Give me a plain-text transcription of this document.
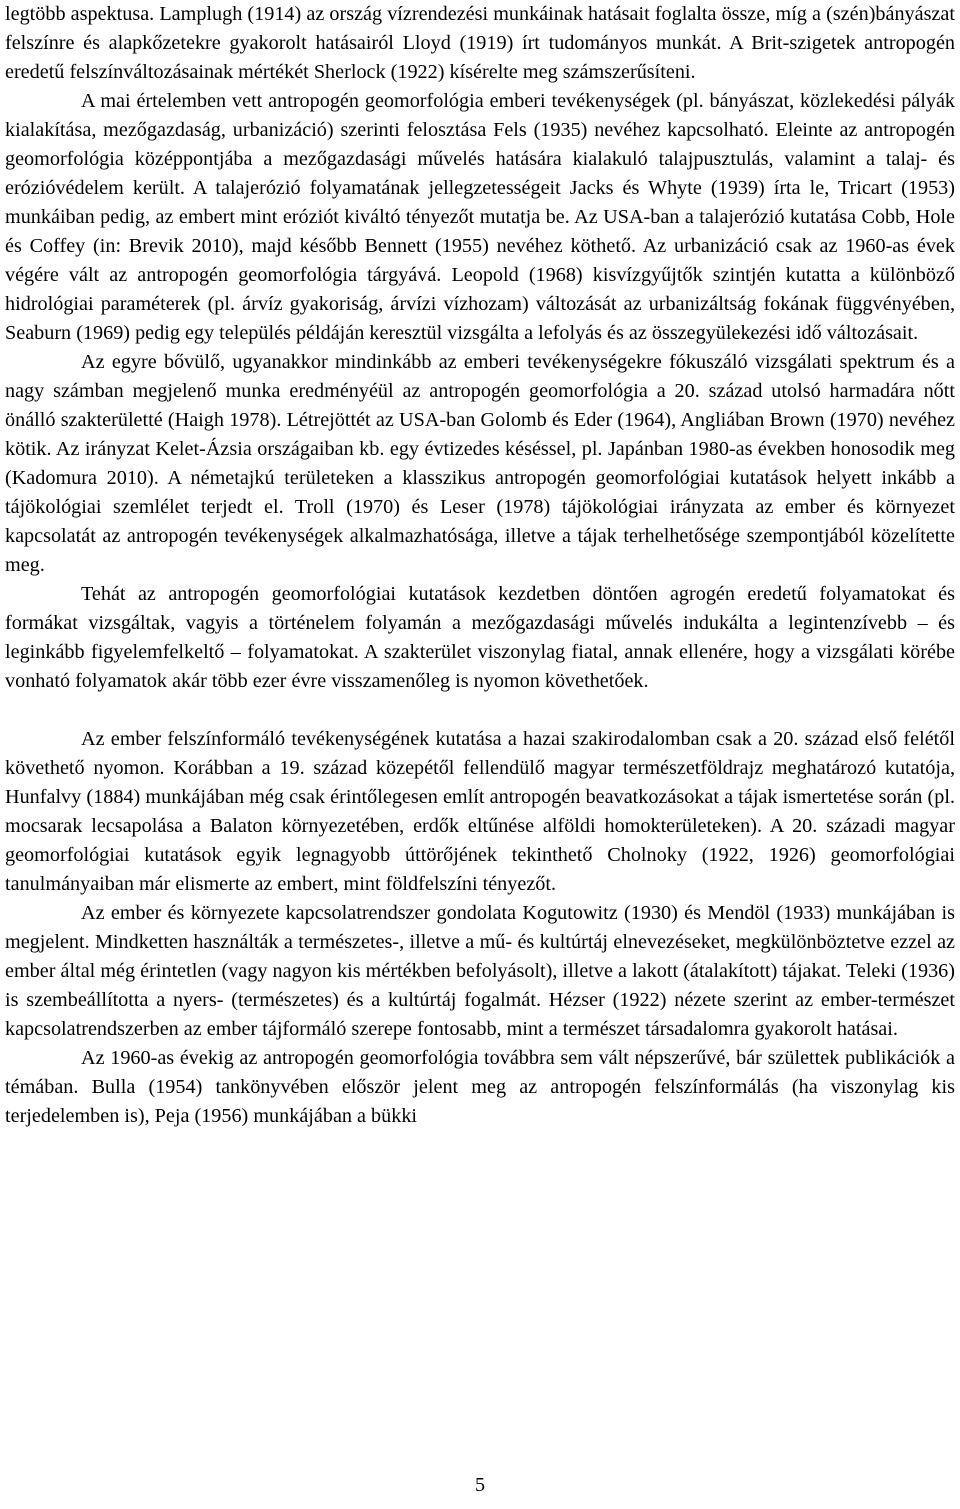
legtöbb aspektusa. Lamplugh (1914) az ország vízrendezési munkáinak hatásait foglalta össze, míg a (szén)bányászat felszínre és alapkőzetekre gyakorolt hatásairól Lloyd (1919) írt tudományos munkát. A Brit-szigetek antropogén eredetű felszínváltozásainak mértékét Sherlock (1922) kísérelte meg számszerűsíteni.

A mai értelemben vett antropogén geomorfológia emberi tevékenységek (pl. bányászat, közlekedési pályák kialakítása, mezőgazdaság, urbanizáció) szerinti felosztása Fels (1935) nevéhez kapcsolható. Eleinte az antropogén geomorfológia középpontjába a mezőgazdasági művelés hatására kialakuló talajpusztulás, valamint a talaj- és erózióvédelem került. A talajerózió folyamatának jellegzetességeit Jacks és Whyte (1939) írta le, Tricart (1953) munkáiban pedig, az embert mint eróziót kiváltó tényezőt mutatja be. Az USA-ban a talajerózió kutatása Cobb, Hole és Coffey (in: Brevik 2010), majd később Bennett (1955) nevéhez köthető. Az urbanizáció csak az 1960-as évek végére vált az antropogén geomorfológia tárgyává. Leopold (1968) kisvízgyűjtők szintjén kutatta a különböző hidrológiai paraméterek (pl. árvíz gyakoriság, árvízi vízhozam) változását az urbanizáltság fokának függvényében, Seaburn (1969) pedig egy település példáján keresztül vizsgálta a lefolyás és az összegyülekezési idő változásait.

Az egyre bővülő, ugyanakkor mindinkább az emberi tevékenységekre fókuszáló vizsgálati spektrum és a nagy számban megjelenő munka eredményéül az antropogén geomorfológia a 20. század utolsó harmadára nőtt önálló szakterületté (Haigh 1978). Létrejöttét az USA-ban Golomb és Eder (1964), Angliában Brown (1970) nevéhez kötik. Az irányzat Kelet-Ázsia országaiban kb. egy évtizedes késéssel, pl. Japánban 1980-as években honosodik meg (Kadomura 2010). A németajkú területeken a klasszikus antropogén geomorfológiai kutatások helyett inkább a tájökológiai szemlélet terjedt el. Troll (1970) és Leser (1978) tájökológiai irányzata az ember és környezet kapcsolatát az antropogén tevékenységek alkalmazhatósága, illetve a tájak terhelhetősége szempontjából közelítette meg.

Tehát az antropogén geomorfológiai kutatások kezdetben döntően agrogén eredetű folyamatokat és formákat vizsgáltak, vagyis a történelem folyamán a mezőgazdasági művelés indukálta a legintenzívebb – és leginkább figyelemfelkeltő – folyamatokat. A szakterület viszonylag fiatal, annak ellenére, hogy a vizsgálati körébe vonható folyamatok akár több ezer évre visszamenőleg is nyomon követhetőek.

Az ember felszínformáló tevékenységének kutatása a hazai szakirodalomban csak a 20. század első felétől követhető nyomon. Korábban a 19. század közepétől fellendülő magyar természetföldrajz meghatározó kutatója, Hunfalvy (1884) munkájában még csak érintőlegesen említ antropogén beavatkozásokat a tájak ismertetése során (pl. mocsarak lecsapolása a Balaton környezetében, erdők eltűnése alföldi homokterületeken). A 20. századi magyar geomorfológiai kutatások egyik legnagyobb úttörőjének tekinthető Cholnoky (1922, 1926) geomorfológiai tanulmányaiban már elismerte az embert, mint földfelszíni tényezőt.

Az ember és környezete kapcsolatrendszer gondolata Kogutowitz (1930) és Mendöl (1933) munkájában is megjelent. Mindketten használták a természetes-, illetve a mű- és kultúrtáj elnevezéseket, megkülönböztetve ezzel az ember által még érintetlen (vagy nagyon kis mértékben befolyásolt), illetve a lakott (átalakított) tájakat. Teleki (1936) is szembeállította a nyers- (természetes) és a kultúrtáj fogalmát. Hézser (1922) nézete szerint az ember-természet kapcsolatrendszerben az ember tájformáló szerepe fontosabb, mint a természet társadalomra gyakorolt hatásai.

Az 1960-as évekig az antropogén geomorfológia továbbra sem vált népszerűvé, bár születtek publikációk a témában. Bulla (1954) tankönyvében először jelent meg az antropogén felszínformálás (ha viszonylag kis terjedelemben is), Peja (1956) munkájában a bükki

5
